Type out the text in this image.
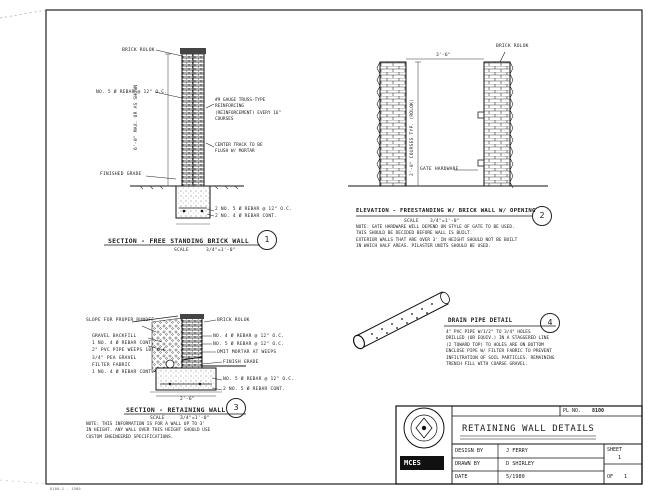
BRICK ROLOK
NO. 5 Ø REBAR @ 12" O.C.
#9 GAUGE TRUSS-TYPE REINFORCING (REINFORCEMENT) EVERY 16" COURSES
CENTER TRACK TO BE FLUSH W/ MORTAR
FINISHED GRADE
2 NO. 5 Ø REBAR @ 12" O.C.
2 NO. 4 Ø REBAR CONT.
6'-0" MAX. OR AS SHOWN
SECTION - FREE STANDING BRICK WALL
SCALE	3/4"=1'-0"
1
BRICK ROLOK
3'-6"
2'-0" COURSES TYP. (ROLOK) GATE HARDWARE
ELEVATION - FREESTANDING W/ BRICK WALL W/ OPENING
SCALE 3/4"=1'-0"
2
NOTE: GATE HARDWARE WILL DEPEND ON STYLE OF GATE TO BE USED.
THIS SHOULD BE DECIDED BEFORE WALL IS BUILT.
EXTERIOR WALLS THAT ARE OVER 3' IN HEIGHT SHOULD NOT BE BUILT
IN WHICH HALF AREAS. PILASTER UNITS SHOULD BE USED.
SLOPE FOR PROPER RUNOFF
GRAVEL BACKFILL
1 NO. 4 Ø REBAR CONT.
2" PVC PIPE WEEPS 10' O.C.
3/4" PEA GRAVEL
FILTER FABRIC
1 NO. 4 Ø REBAR CONT.
BRICK ROLOK
NO. 4 Ø REBAR @ 12" O.C.
NO. 5 Ø REBAR @ 12" O.C.
OMIT MORTAR AT WEEPS
FINISH GRADE
NO. 5 Ø REBAR @ 12" O.C.
2 NO. 5 Ø REBAR CONT.
2'-6"
SECTION - RETAINING WALL
SCALE	3/4"=1'-0"
3
NOTE: THIS INFORMATION IS FOR A WALL UP TO 3'
IN HEIGHT. ANY WALL OVER THIS HEIGHT SHOULD USE
CUSTOM ENGINEERED SPECIFICATIONS.
DRAIN PIPE DETAIL	4
4" PVC PIPE W/1/2" TO 3/4" HOLES
DRILLED (OR EQUIV.) IN A STAGGERED LINE
(2 TOWARD TOP) TO HOLES ARE ON BOTTOM
ENCLOSE PIPE W/ FILTER FABRIC TO PREVENT
INFILTRATION OF SOIL PARTICLES. REMAINING
TRENCH FILL WITH COARSE GRAVEL.
PL NO. 8100
RETAINING WALL DETAILS
DESIGN BY	J FERRY
DRAWN BY	D SHIRLEY
DATE	5/1980
SHEET
1
OF 1
MCES
8100-1 - 1980
